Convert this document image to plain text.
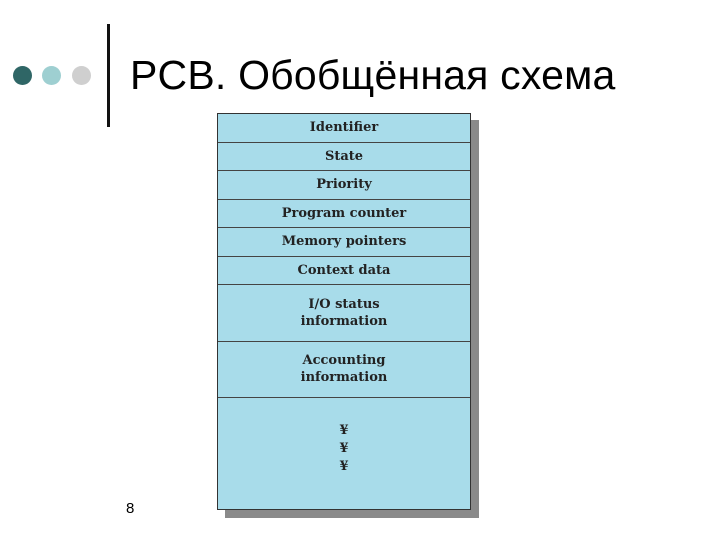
PCB. Обобщённая схема
Identifier
State
Priority
Program counter
Memory pointers
Context data
I/O status
information
Accounting
information
¥
¥
¥
8
